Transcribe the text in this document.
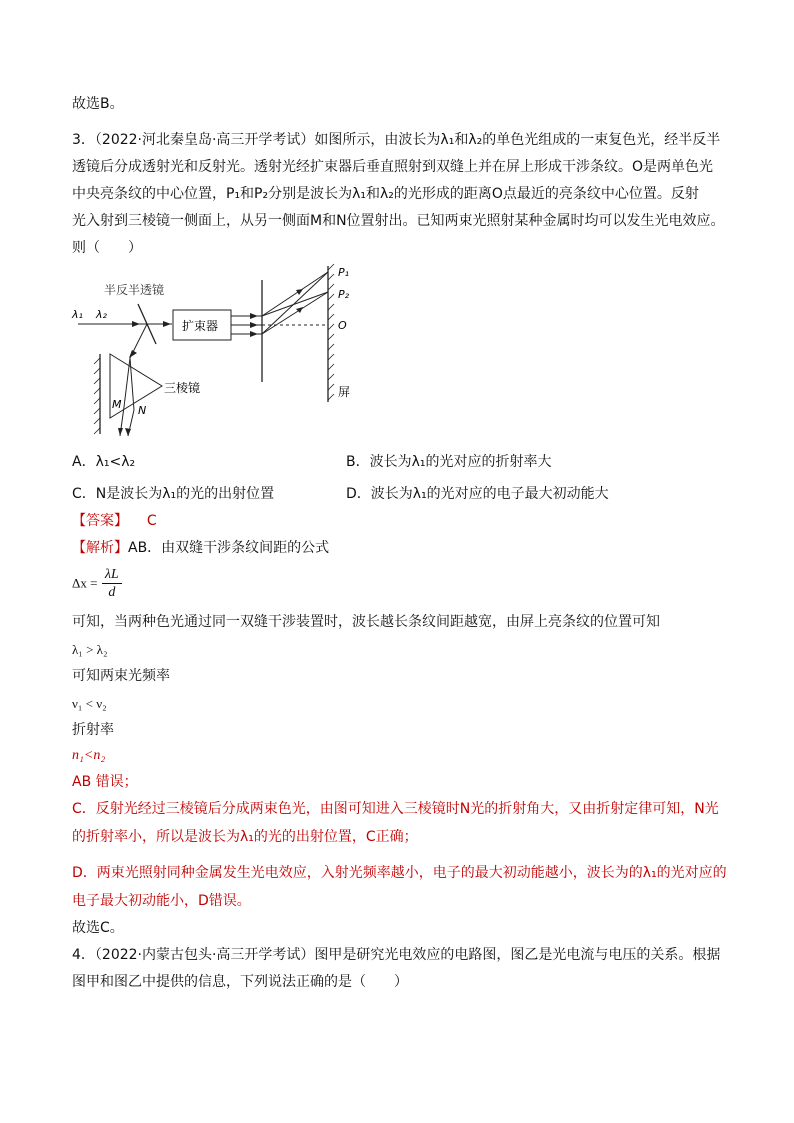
故选B。
3．（2022·河北秦皇岛·高三开学考试）如图所示，由波长为λ₁和λ₂的单色光组成的一束复色光，经半反半
透镜后分成透射光和反射光。透射光经扩束器后垂直照射到双缝上并在屏上形成干涉条纹。O是两单色光
中央亮条纹的中心位置，P₁和P₂分别是波长为λ₁和λ₂的光形成的距离O点最近的亮条纹中心位置。反射
光入射到三棱镜一侧面上，从另一侧面M和N位置射出。已知两束光照射某种金属时均可以发生光电效应。
则（　　）
λ₁ λ₂
半反半透镜
扩束器
P₁
P₂
O
屏
三棱镜
M N
A．λ₁<λ₂	B．波长为λ₁的光对应的折射率大
C．N是波长为λ₁的光的出射位置	D．波长为λ₁的光对应的电子最大初动能大
【答案】 C
【解析】AB．由双缝干涉条纹间距的公式
$\Delta x = \frac{\lambda L}{d}$
可知，当两种色光通过同一双缝干涉装置时，波长越长条纹间距越宽，由屏上亮条纹的位置可知
λ₁ > λ₂
可知两束光频率
ν₁ < ν₂
折射率
n₁<n₂
AB 错误；
C．反射光经过三棱镜后分成两束色光，由图可知进入三棱镜时N光的折射角大，又由折射定律可知，N光
的折射率小，所以是波长为λ₁的光的出射位置，C正确；
D．两束光照射同种金属发生光电效应，入射光频率越小，电子的最大初动能越小，波长为的λ₁的光对应的
电子最大初动能小，D错误。
故选C。
4．（2022·内蒙古包头·高三开学考试）图甲是研究光电效应的电路图，图乙是光电流与电压的关系。根据
图甲和图乙中提供的信息，下列说法正确的是（　　）
